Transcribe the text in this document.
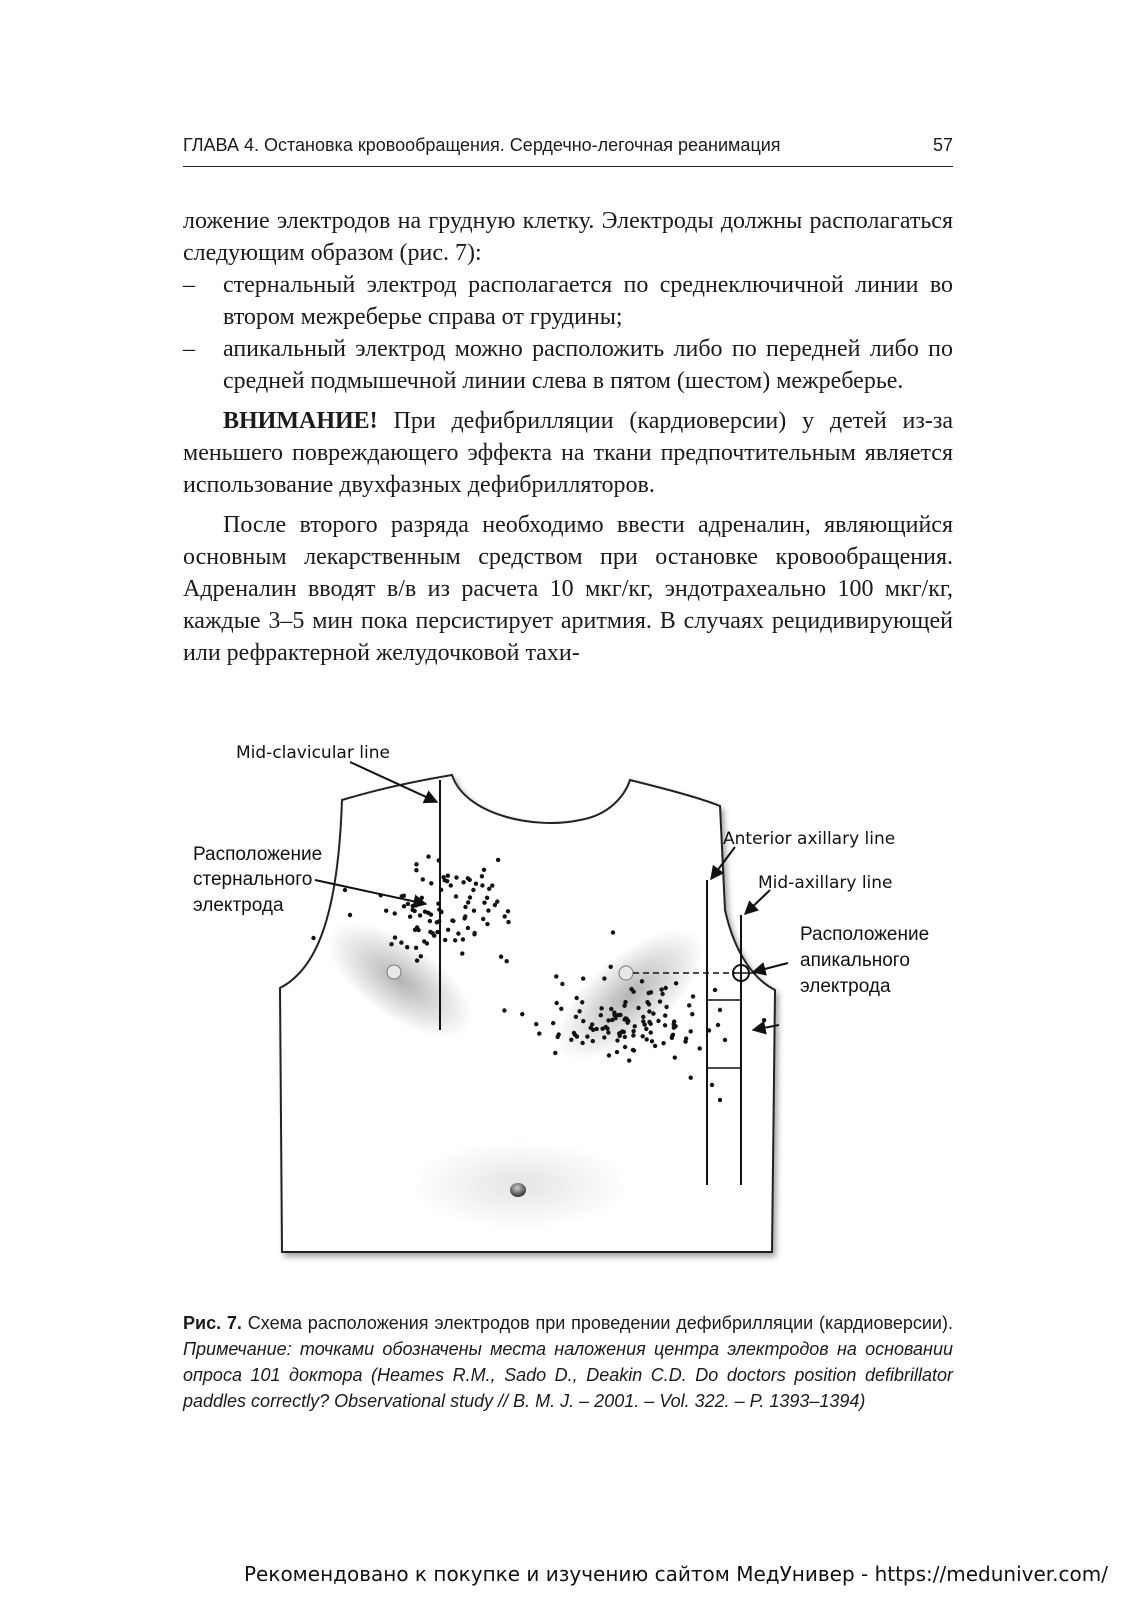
ГЛАВА 4. Остановка кровообращения. Сердечно-легочная реанимация	57

ложение электродов на грудную клетку. Электроды должны располагаться следующим образом (рис. 7):

– стернальный электрод располагается по среднеключичной линии во втором межреберье справа от грудины;
– апикальный электрод можно расположить либо по передней либо по средней подмышечной линии слева в пятом (шестом) межреберье.

ВНИМАНИЕ! При дефибрилляции (кардиоверсии) у детей из-за меньшего повреждающего эффекта на ткани предпочтительным является использование двухфазных дефибрилляторов.

После второго разряда необходимо ввести адреналин, являющийся основным лекарственным средством при остановке кровообращения. Адреналин вводят в/в из расчета 10 мкг/кг, эндотрахеально 100 мкг/кг, каждые 3–5 мин пока персистирует аритмия. В случаях рецидивирующей или рефрактерной желудочковой тахи-

Mid-clavicular line
Расположение
стернального
электрода
Anterior axillary line
Mid-axillary line
Расположение
апикального
электрода
Рис. 7. Схема расположения электродов при проведении дефибрилляции (кардиоверсии). Примечание: точками обозначены места наложения центра электродов на основании опроса 101 доктора (Heames R.M., Sado D., Deakin C.D. Do doctors position defibrillator paddles correctly? Observational study // B. M. J. – 2001. – Vol. 322. – P. 1393–1394)
Рекомендовано к покупке и изучению сайтом МедУнивер - https://meduniver.com/
